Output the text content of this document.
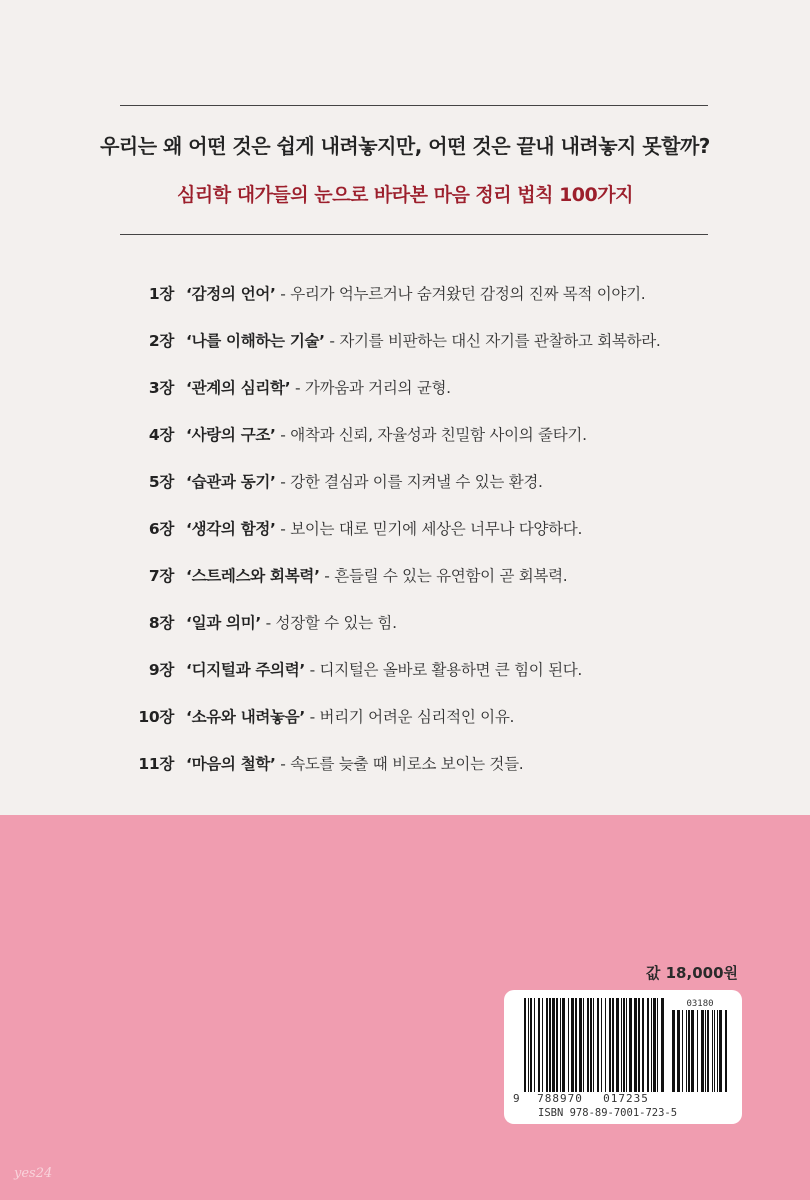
우리는 왜 어떤 것은 쉽게 내려놓지만, 어떤 것은 끝내 내려놓지 못할까?
심리학 대가들의 눈으로 바라본 마음 정리 법칙 100가지
1장 ‘감정의 언어’ - 우리가 억누르거나 숨겨왔던 감정의 진짜 목적 이야기.
2장 ‘나를 이해하는 기술’ - 자기를 비판하는 대신 자기를 관찰하고 회복하라.
3장 ‘관계의 심리학’ - 가까움과 거리의 균형.
4장 ‘사랑의 구조’ - 애착과 신뢰, 자율성과 친밀함 사이의 줄타기.
5장 ‘습관과 동기’ - 강한 결심과 이를 지켜낼 수 있는 환경.
6장 ‘생각의 함정’ - 보이는 대로 믿기에 세상은 너무나 다양하다.
7장 ‘스트레스와 회복력’ - 흔들릴 수 있는 유연함이 곧 회복력.
8장 ‘일과 의미’ - 성장할 수 있는 힘.
9장 ‘디지털과 주의력’ - 디지털은 올바로 활용하면 큰 힘이 된다.
10장 ‘소유와 내려놓음’ - 버리기 어려운 심리적인 이유.
11장 ‘마음의 철학’ - 속도를 늦출 때 비로소 보이는 것들.
값 18,000원
03180
9 788970 017235
ISBN 978-89-7001-723-5
yes24
